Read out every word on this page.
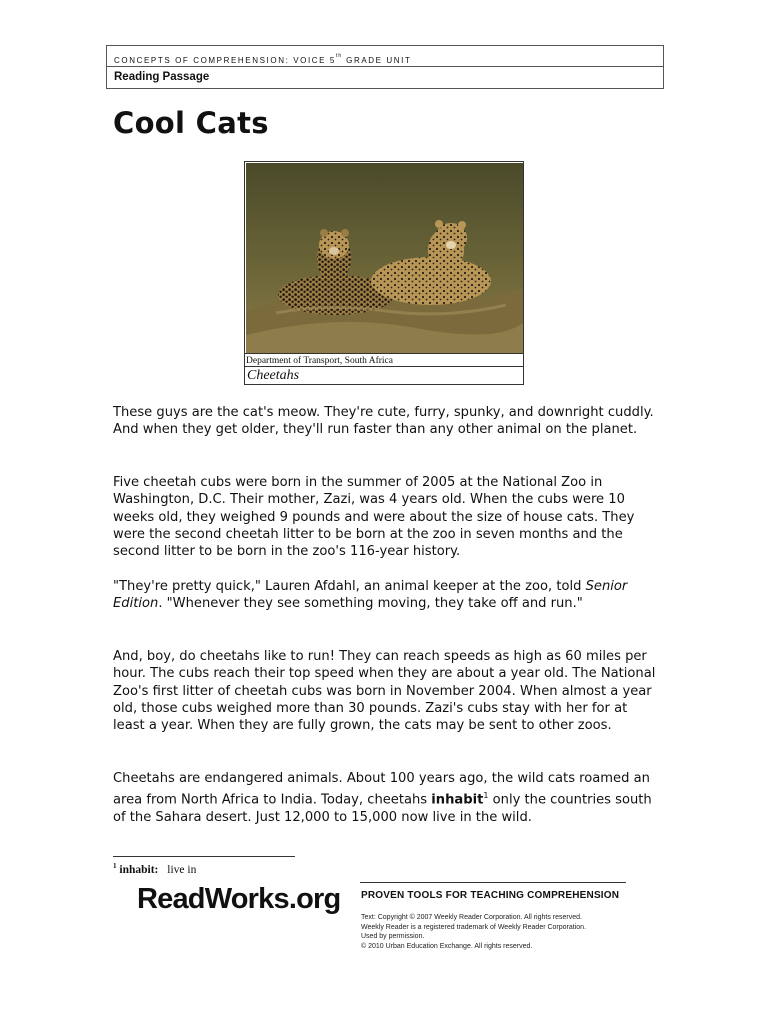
CONCEPTS OF COMPREHENSION: VOICE 5th GRADE UNIT
Reading Passage
Cool Cats
Department of Transport, South Africa
Cheetahs

These guys are the cat's meow. They're cute, furry, spunky, and downright cuddly. And when they get older, they'll run faster than any other animal on the planet.

Five cheetah cubs were born in the summer of 2005 at the National Zoo in Washington, D.C. Their mother, Zazi, was 4 years old. When the cubs were 10 weeks old, they weighed 9 pounds and were about the size of house cats. They were the second cheetah litter to be born at the zoo in seven months and the second litter to be born in the zoo's 116-year history.

"They're pretty quick," Lauren Afdahl, an animal keeper at the zoo, told Senior Edition. "Whenever they see something moving, they take off and run."

And, boy, do cheetahs like to run! They can reach speeds as high as 60 miles per hour. The cubs reach their top speed when they are about a year old. The National Zoo's first litter of cheetah cubs was born in November 2004. When almost a year old, those cubs weighed more than 30 pounds. Zazi's cubs stay with her for at least a year. When they are fully grown, the cats may be sent to other zoos.

Cheetahs are endangered animals. About 100 years ago, the wild cats roamed an area from North Africa to India. Today, cheetahs inhabit$^1$ only the countries south of the Sahara desert. Just 12,000 to 15,000 now live in the wild.

$^1$ inhabit: live in
ReadWorks.org PROVEN TOOLS FOR TEACHING COMPREHENSION
Text: Copyright © 2007 Weekly Reader Corporation. All rights reserved.
Weekly Reader is a registered trademark of Weekly Reader Corporation.
Used by permission.
© 2010 Urban Education Exchange. All rights reserved.
